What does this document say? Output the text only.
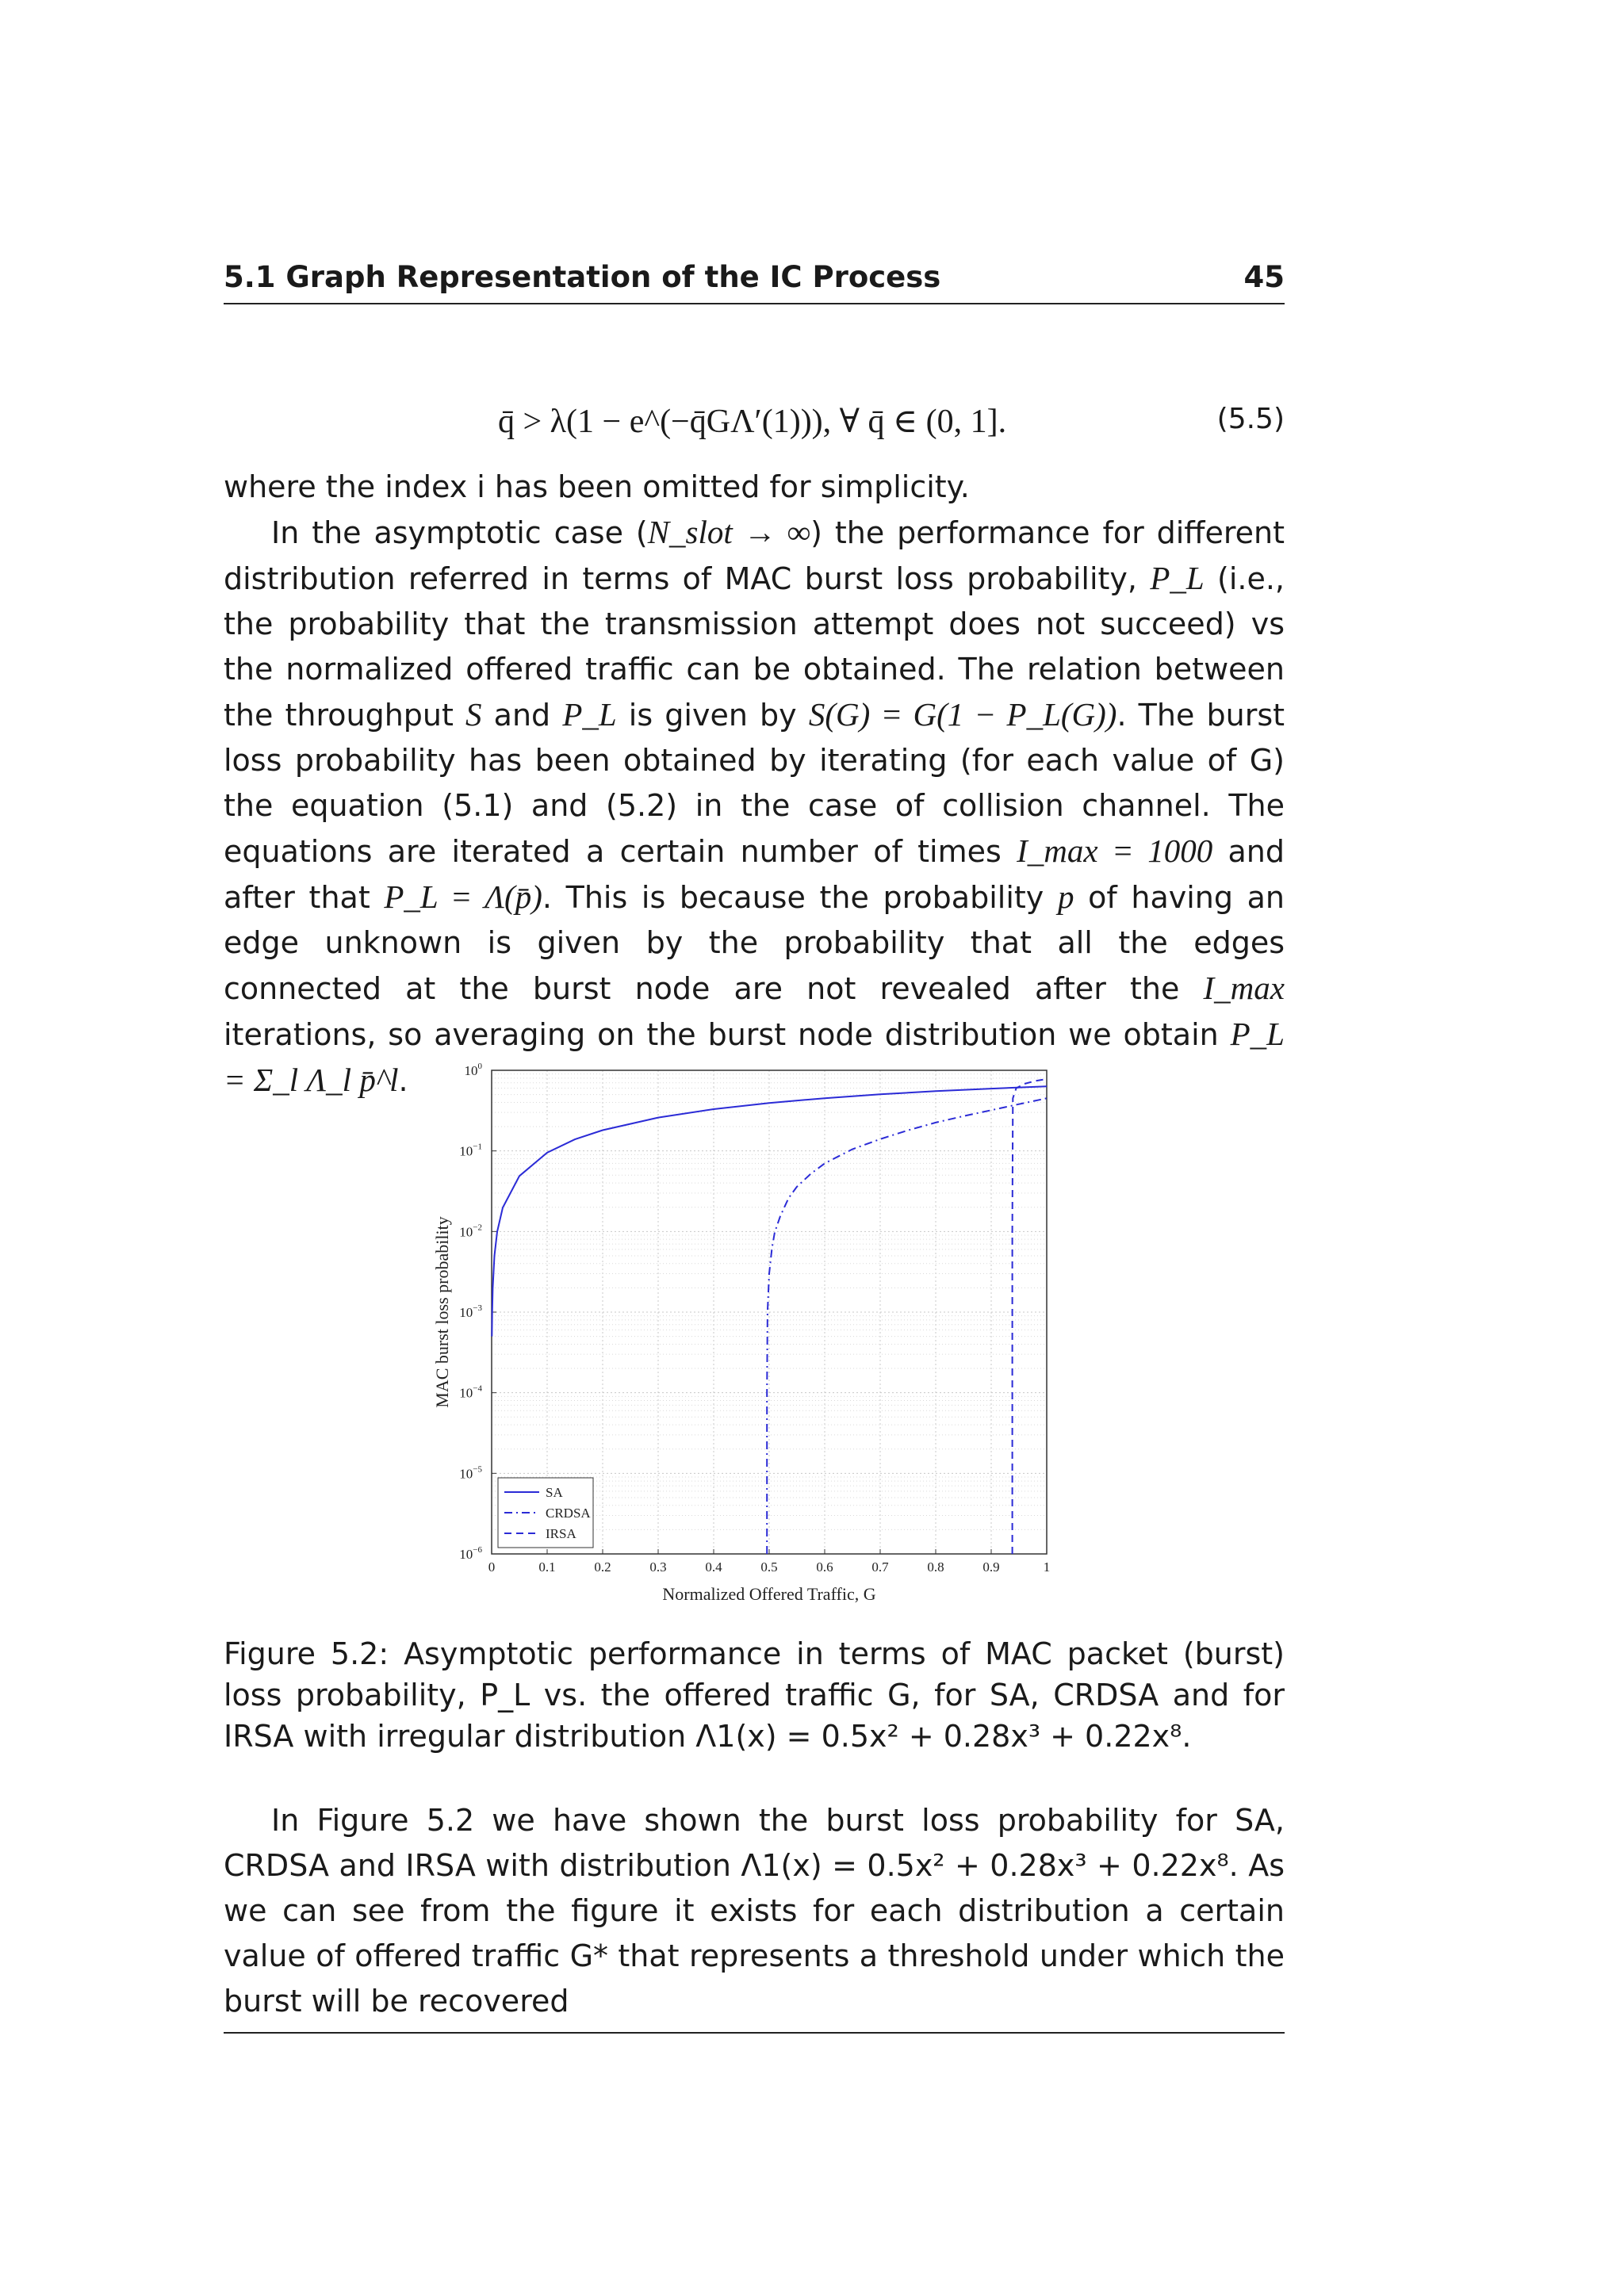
5.1 Graph Representation of the IC Process	45
q̄ > λ(1 − e^(−q̄GΛ′(1))), ∀ q̄ ∈ (0, 1].	(5.5)

where the index i has been omitted for simplicity.

In the asymptotic case (N_slot → ∞) the performance for different distribution referred in terms of MAC burst loss probability, P_L (i.e., the probability that the transmission attempt does not succeed) vs the normalized offered traffic can be obtained. The relation between the throughput S and P_L is given by S(G) = G(1 − P_L(G)). The burst loss probability has been obtained by iterating (for each value of G) the equation (5.1) and (5.2) in the case of collision channel. The equations are iterated a certain number of times I_max = 1000 and after that P_L = Λ(p̄). This is because the probability p of having an edge unknown is given by the probability that all the edges connected at the burst node are not revealed after the I_max iterations, so averaging on the burst node distribution we obtain P_L = Σ_l Λ_l p̄^l.

0	0.1	0.2	0.3	0.4	0.5	0.6	0.7	0.8	0.9	1
$10^0$
$10^{-1}$
$10^{-2}$
$10^{-3}$
$10^{-4}$
$10^{-5}$
$10^{-6}$
Normalized Offered Traffic, G
MAC burst loss probability
SA
CRDSA
IRSA
Figure 5.2: Asymptotic performance in terms of MAC packet (burst) loss probability, P_L vs. the offered traffic G, for SA, CRDSA and for IRSA with irregular distribution Λ1(x) = 0.5x² + 0.28x³ + 0.22x⁸.

In Figure 5.2 we have shown the burst loss probability for SA, CRDSA and IRSA with distribution Λ1(x) = 0.5x² + 0.28x³ + 0.22x⁸. As we can see from the figure it exists for each distribution a certain value of offered traffic G* that represents a threshold under which the burst will be recovered
